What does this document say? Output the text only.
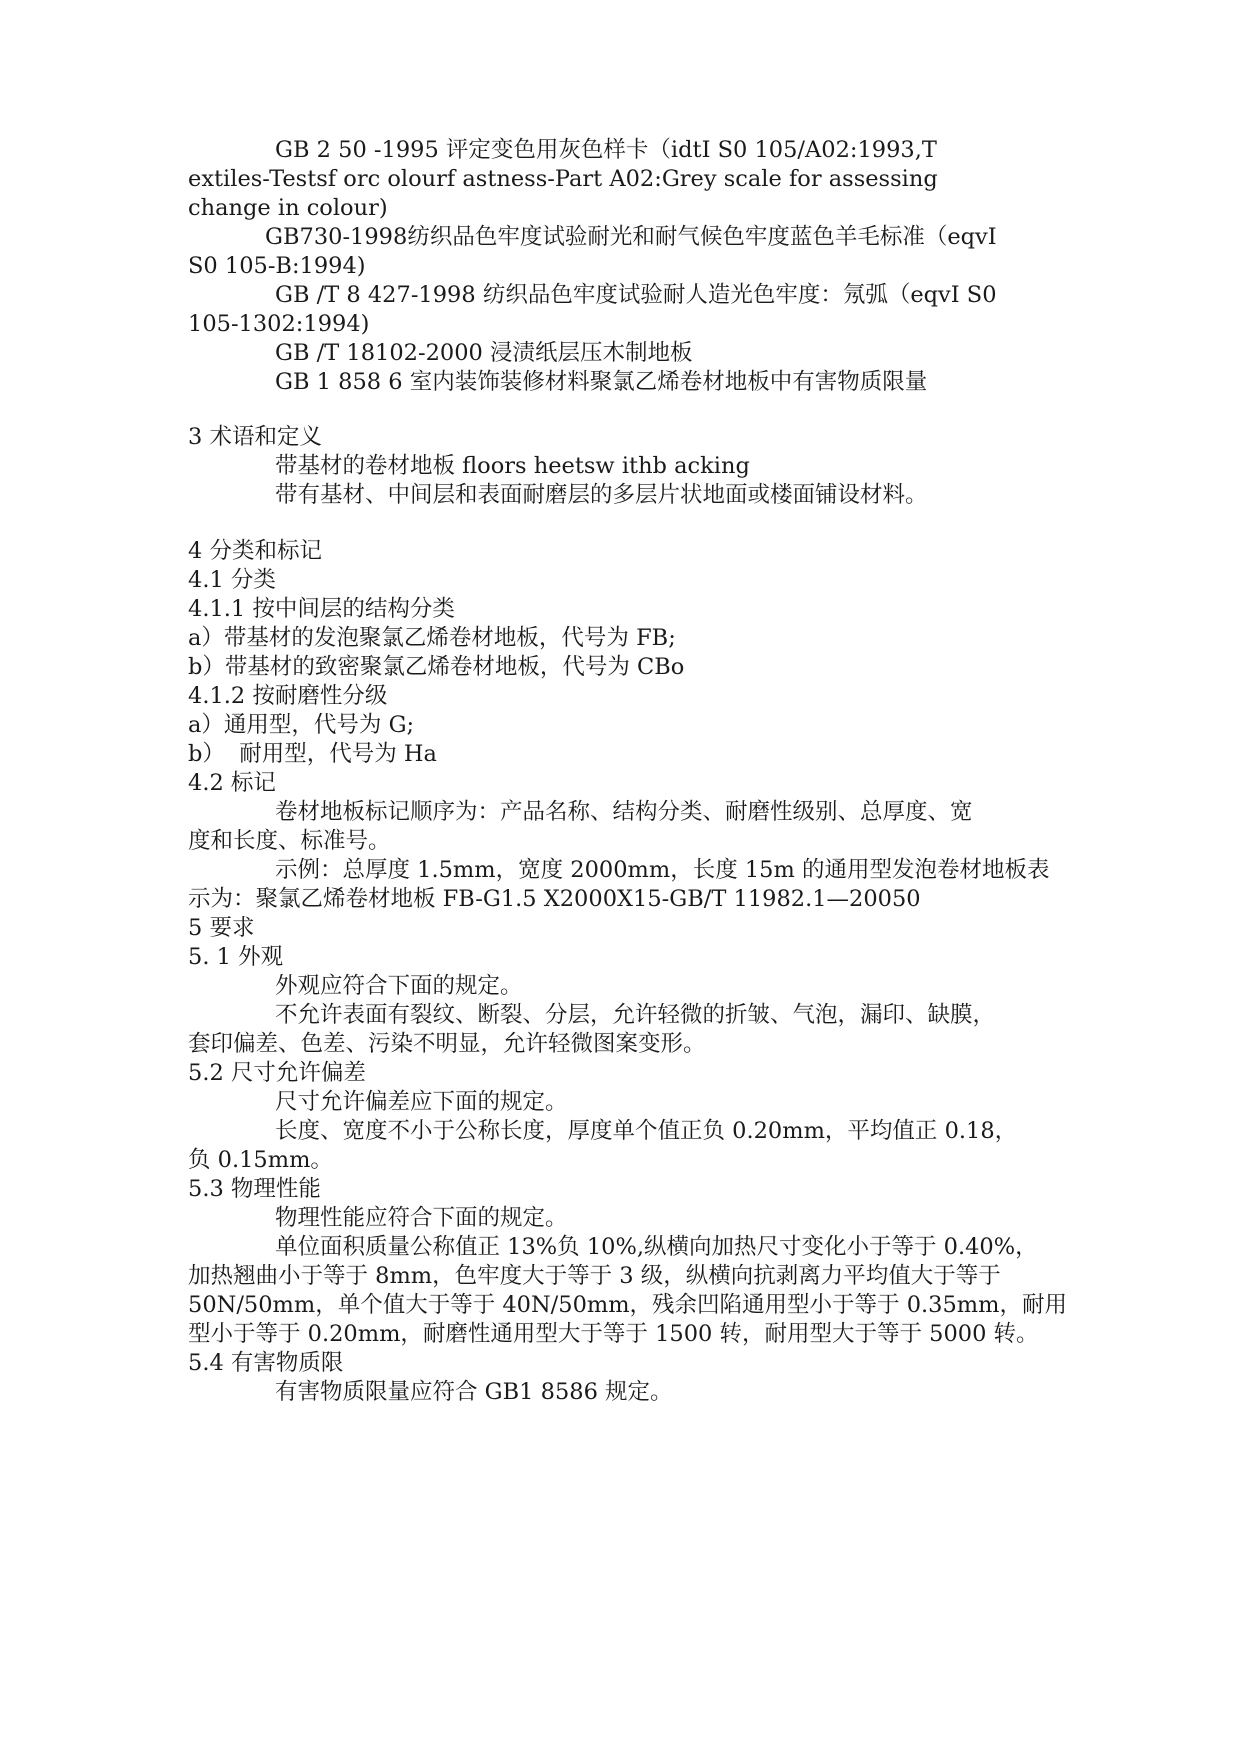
GB 2 50 -1995 评定变色用灰色样卡（idtI S0 105/A02:1993,T
extiles-Testsf orc olourf astness-Part A02:Grey scale for assessing
change in colour)
GB730-1998纺织品色牢度试验耐光和耐气候色牢度蓝色羊毛标准（eqvI
S0 105-B:1994)
GB /T 8 427-1998 纺织品色牢度试验耐人造光色牢度：氖弧（eqvI S0
105-1302:1994)
GB /T 18102-2000 浸渍纸层压木制地板
GB 1 858 6 室内装饰装修材料聚氯乙烯卷材地板中有害物质限量
3 术语和定义
带基材的卷材地板 floors heetsw ithb acking
带有基材、中间层和表面耐磨层的多层片状地面或楼面铺设材料。
4 分类和标记
4.1 分类
4.1.1 按中间层的结构分类
a）带基材的发泡聚氯乙烯卷材地板，代号为 FB;
b）带基材的致密聚氯乙烯卷材地板，代号为 CBo
4.1.2 按耐磨性分级
a）通用型，代号为 G;
b）  耐用型，代号为 Ha
4.2 标记
卷材地板标记顺序为：产品名称、结构分类、耐磨性级别、总厚度、宽
度和长度、标准号。
示例：总厚度 1.5mm，宽度 2000mm，长度 15m 的通用型发泡卷材地板表
示为：聚氯乙烯卷材地板 FB-G1.5 X2000X15-GB/T 11982.1—20050
5 要求
5. 1 外观
外观应符合下面的规定。
不允许表面有裂纹、断裂、分层，允许轻微的折皱、气泡，漏印、缺膜，
套印偏差、色差、污染不明显，允许轻微图案变形。
5.2 尺寸允许偏差
尺寸允许偏差应下面的规定。
长度、宽度不小于公称长度，厚度单个值正负 0.20mm，平均值正 0.18，
负 0.15mm。
5.3 物理性能
物理性能应符合下面的规定。
单位面积质量公称值正 13%负 10%,纵横向加热尺寸变化小于等于 0.40%，
加热翘曲小于等于 8mm，色牢度大于等于 3 级，纵横向抗剥离力平均值大于等于
50N/50mm，单个值大于等于 40N/50mm，残余凹陷通用型小于等于 0.35mm，耐用
型小于等于 0.20mm，耐磨性通用型大于等于 1500 转，耐用型大于等于 5000 转。
5.4 有害物质限
有害物质限量应符合 GB1 8586 规定。
